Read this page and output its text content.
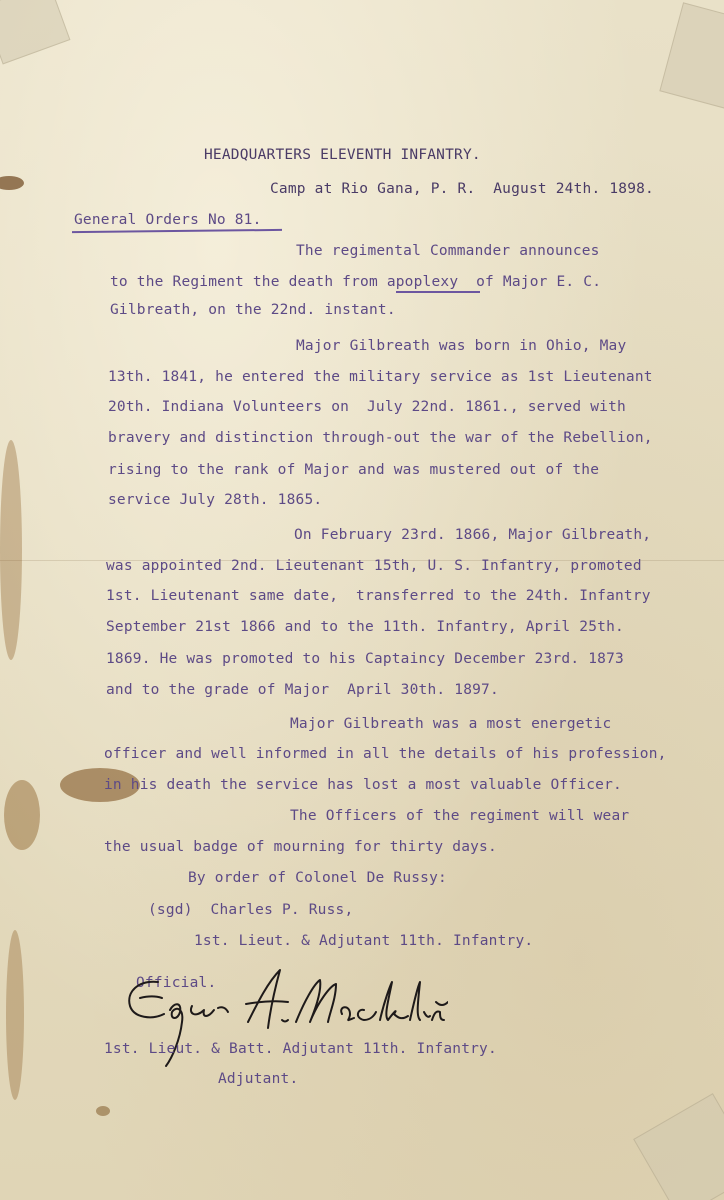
HEADQUARTERS ELEVENTH INFANTRY.
Camp at Rio Gana, P. R.  August 24th. 1898.
General Orders No 81.
The regimental Commander announces
to the Regiment the death from apoplexy  of Major E. C.
Gilbreath, on the 22nd. instant.
Major Gilbreath was born in Ohio, May
13th. 1841, he entered the military service as 1st Lieutenant
20th. Indiana Volunteers on  July 22nd. 1861., served with
bravery and distinction through-out the war of the Rebellion,
rising to the rank of Major and was mustered out of the
service July 28th. 1865.
On February 23rd. 1866, Major Gilbreath,
was appointed 2nd. Lieutenant 15th, U. S. Infantry, promoted
1st. Lieutenant same date,  transferred to the 24th. Infantry
September 21st 1866 and to the 11th. Infantry, April 25th.
1869. He was promoted to his Captaincy December 23rd. 1873
and to the grade of Major  April 30th. 1897.
Major Gilbreath was a most energetic
officer and well informed in all the details of his profession,
in his death the service has lost a most valuable Officer.
The Officers of the regiment will wear
the usual badge of mourning for thirty days.
By order of Colonel De Russy:
(sgd)  Charles P. Russ,
1st. Lieut. & Adjutant 11th. Infantry.
Official.
1st. Lieut. & Batt. Adjutant 11th. Infantry.
Adjutant.
